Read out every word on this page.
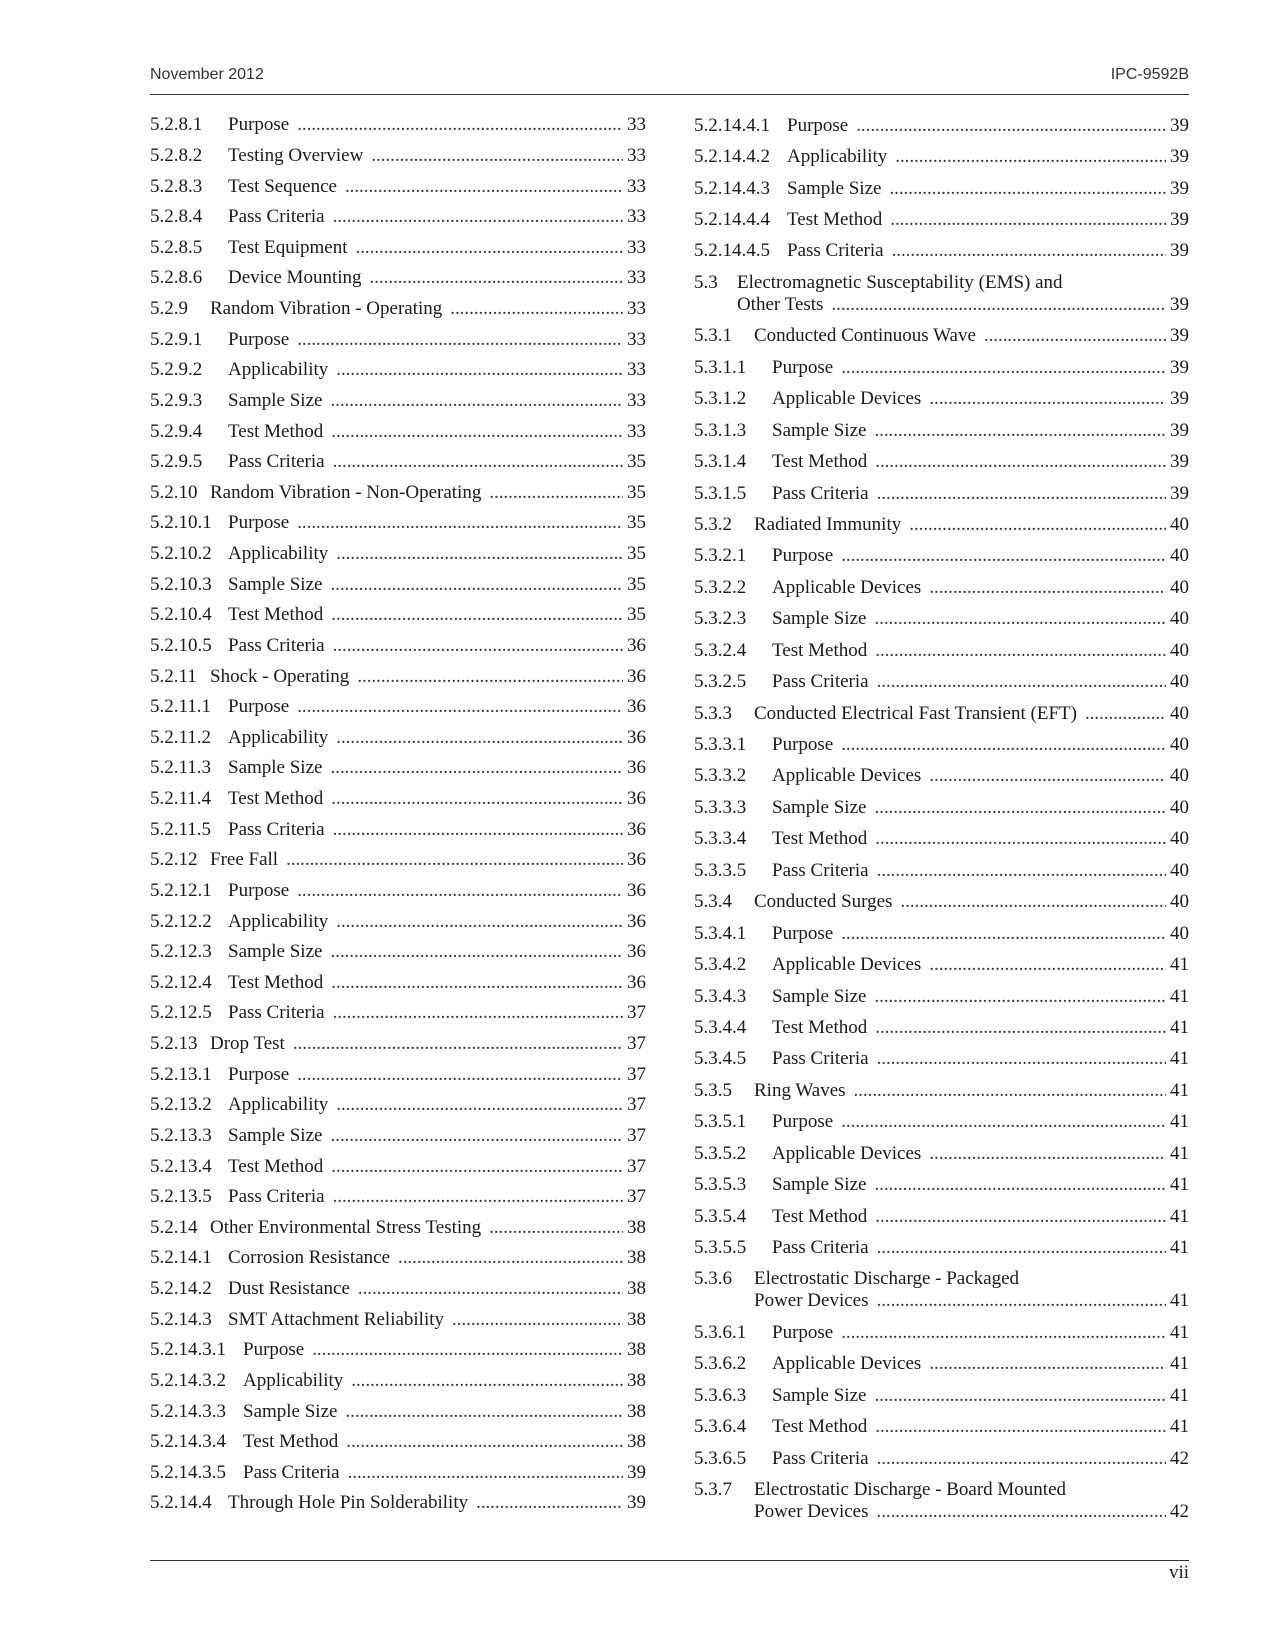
November 2012	IPC-9592B
5.2.8.1	Purpose . . .	33
5.2.8.2	Testing Overview . . .	33
5.2.8.3	Test Sequence . . .	33
5.2.8.4	Pass Criteria . . .	33
5.2.8.5	Test Equipment . . .	33
5.2.8.6	Device Mounting . . .	33
5.2.9	Random Vibration - Operating . . .	33
5.2.9.1	Purpose . . .	33
5.2.9.2	Applicability . . .	33
5.2.9.3	Sample Size . . .	33
5.2.9.4	Test Method . . .	33
5.2.9.5	Pass Criteria . . .	35
5.2.10 Random Vibration - Non-Operating . . .	35
5.2.10.1 Purpose . . .	35
5.2.10.2 Applicability . . .	35
5.2.10.3 Sample Size . . .	35
5.2.10.4 Test Method . . .	35
5.2.10.5 Pass Criteria . . .	36
5.2.11 Shock - Operating . . .	36
5.2.11.1 Purpose . . .	36
5.2.11.2 Applicability . . .	36
5.2.11.3 Sample Size . . .	36
5.2.11.4 Test Method . . .	36
5.2.11.5 Pass Criteria . . .	36
5.2.12 Free Fall . . .	36
5.2.12.1 Purpose . . .	36
5.2.12.2 Applicability . . .	36
5.2.12.3 Sample Size . . .	36
5.2.12.4 Test Method . . .	36
5.2.12.5 Pass Criteria . . .	37
5.2.13 Drop Test . . .	37
5.2.13.1 Purpose . . .	37
5.2.13.2 Applicability . . .	37
5.2.13.3 Sample Size . . .	37
5.2.13.4 Test Method . . .	37
5.2.13.5 Pass Criteria . . .	37
5.2.14 Other Environmental Stress Testing . . .	38
5.2.14.1 Corrosion Resistance . . .	38
5.2.14.2 Dust Resistance . . .	38
5.2.14.3 SMT Attachment Reliability . . .	38
5.2.14.3.1 Purpose . . .	38
5.2.14.3.2 Applicability . . .	38
5.2.14.3.3 Sample Size . . .	38
5.2.14.3.4 Test Method . . .	38
5.2.14.3.5 Pass Criteria . . .	39
5.2.14.4 Through Hole Pin Solderability . . .	39
5.2.14.4.1 Purpose . . .	39
5.2.14.4.2 Applicability . . .	39
5.2.14.4.3 Sample Size . . .	39
5.2.14.4.4 Test Method . . .	39
5.2.14.4.5 Pass Criteria . . .	39
5.3	Electromagnetic Susceptability (EMS) and
Other Tests . . .	39
5.3.1	Conducted Continuous Wave . . .	39
5.3.1.1	Purpose . . .	39
5.3.1.2	Applicable Devices . . .	39
5.3.1.3	Sample Size . . .	39
5.3.1.4	Test Method . . .	39
5.3.1.5	Pass Criteria . . .	39
5.3.2	Radiated Immunity . . .	40
5.3.2.1	Purpose . . .	40
5.3.2.2	Applicable Devices . . .	40
5.3.2.3	Sample Size . . .	40
5.3.2.4	Test Method . . .	40
5.3.2.5	Pass Criteria . . .	40
5.3.3	Conducted Electrical Fast Transient (EFT) . . .	40
5.3.3.1	Purpose . . .	40
5.3.3.2	Applicable Devices . . .	40
5.3.3.3	Sample Size . . .	40
5.3.3.4	Test Method . . .	40
5.3.3.5	Pass Criteria . . .	40
5.3.4	Conducted Surges . . .	40
5.3.4.1	Purpose . . .	40
5.3.4.2	Applicable Devices . . .	41
5.3.4.3	Sample Size . . .	41
5.3.4.4	Test Method . . .	41
5.3.4.5	Pass Criteria . . .	41
5.3.5	Ring Waves . . .	41
5.3.5.1	Purpose . . .	41
5.3.5.2	Applicable Devices . . .	41
5.3.5.3	Sample Size . . .	41
5.3.5.4	Test Method . . .	41
5.3.5.5	Pass Criteria . . .	41
5.3.6	Electrostatic Discharge - Packaged
Power Devices . . .	41
5.3.6.1	Purpose . . .	41
5.3.6.2	Applicable Devices . . .	41
5.3.6.3	Sample Size . . .	41
5.3.6.4	Test Method . . .	41
5.3.6.5	Pass Criteria . . .	42
5.3.7	Electrostatic Discharge - Board Mounted
Power Devices . . .	42
vii
